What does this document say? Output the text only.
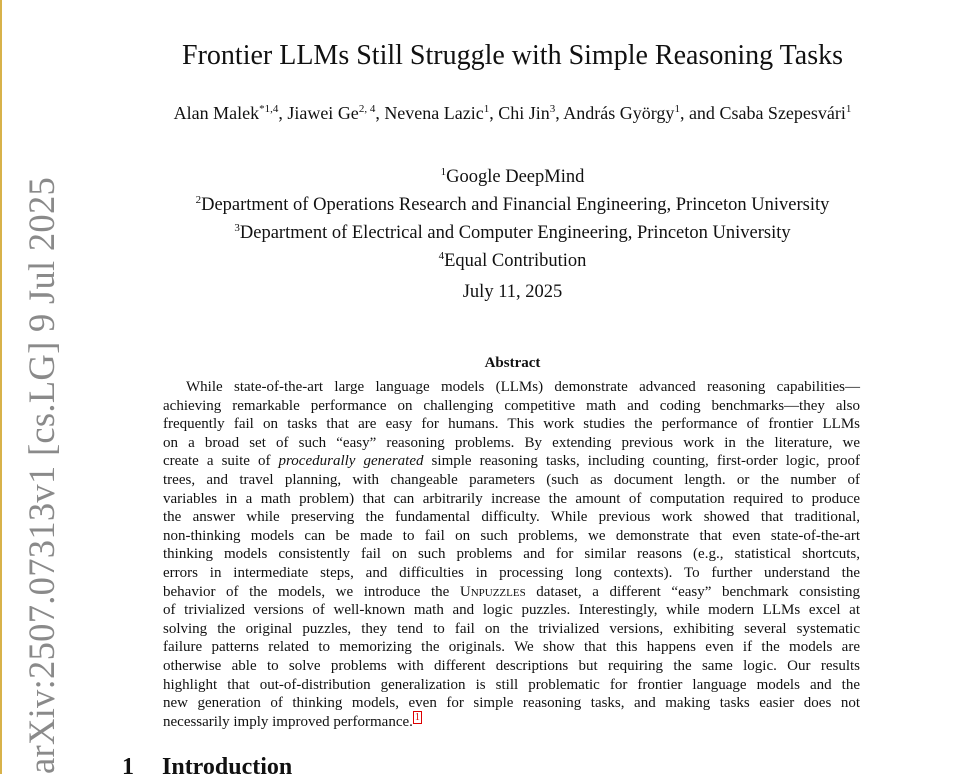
arXiv:2507.07313v1 [cs.LG] 9 Jul 2025
Frontier LLMs Still Struggle with Simple Reasoning Tasks
Alan Malek$^{*1,4}$, Jiawei Ge$^{2, 4}$, Nevena Lazic$^1$, Chi Jin$^3$, András György$^1$, and Csaba Szepesvári$^1$
$^1$Google DeepMind
$^2$Department of Operations Research and Financial Engineering, Princeton University
$^3$Department of Electrical and Computer Engineering, Princeton University
$^4$Equal Contribution
July 11, 2025
Abstract
While state-of-the-art large language models (LLMs) demonstrate advanced reasoning capabilities—
achieving remarkable performance on challenging competitive math and coding benchmarks—they also
frequently fail on tasks that are easy for humans. This work studies the performance of frontier LLMs
on a broad set of such “easy” reasoning problems. By extending previous work in the literature, we
create a suite of procedurally generated simple reasoning tasks, including counting, first-order logic, proof
trees, and travel planning, with changeable parameters (such as document length. or the number of
variables in a math problem) that can arbitrarily increase the amount of computation required to produce
the answer while preserving the fundamental difficulty. While previous work showed that traditional,
non-thinking models can be made to fail on such problems, we demonstrate that even state-of-the-art
thinking models consistently fail on such problems and for similar reasons (e.g., statistical shortcuts,
errors in intermediate steps, and difficulties in processing long contexts). To further understand the
behavior of the models, we introduce the Unpuzzles dataset, a different “easy” benchmark consisting
of trivialized versions of well-known math and logic puzzles. Interestingly, while modern LLMs excel at
solving the original puzzles, they tend to fail on the trivialized versions, exhibiting several systematic
failure patterns related to memorizing the originals. We show that this happens even if the models are
otherwise able to solve problems with different descriptions but requiring the same logic. Our results
highlight that out-of-distribution generalization is still problematic for frontier language models and the
new generation of thinking models, even for simple reasoning tasks, and making tasks easier does not
necessarily imply improved performance. $^1$
1 Introduction
